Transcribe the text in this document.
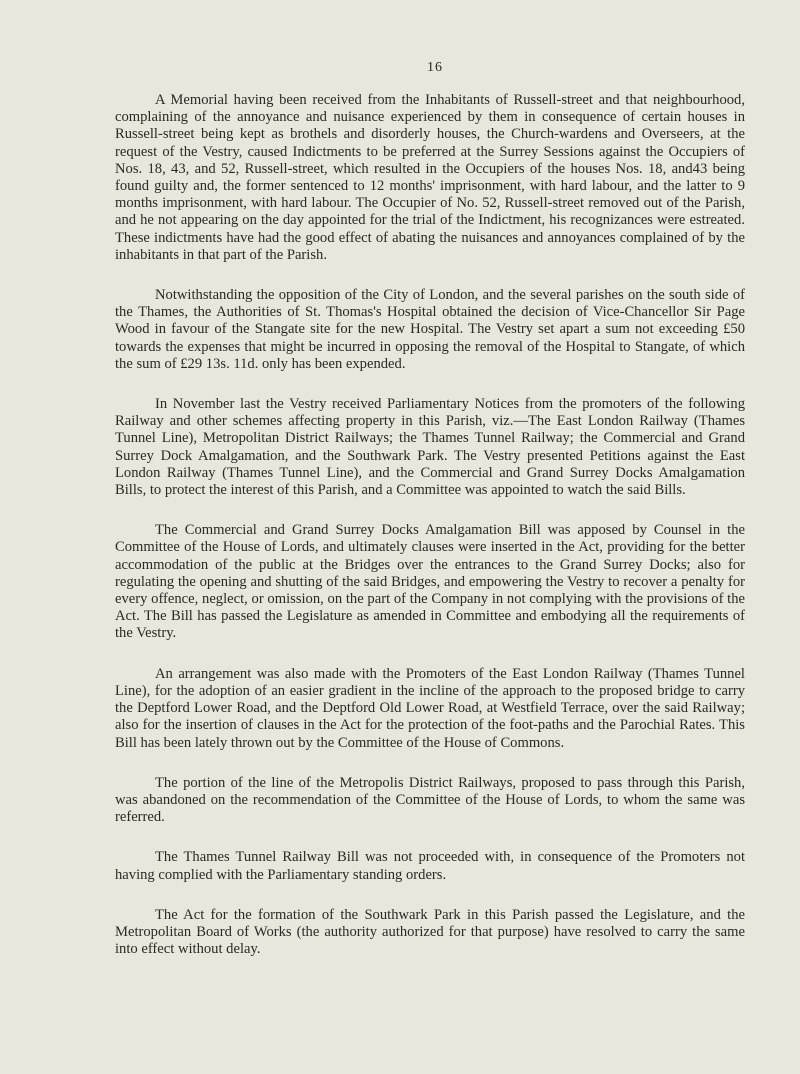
16

A Memorial having been received from the Inhabitants of Russell-street and that neighbourhood, complaining of the annoyance and nuisance experienced by them in consequence of certain houses in Russell-street being kept as brothels and disorderly houses, the Church-wardens and Overseers, at the request of the Vestry, caused Indictments to be preferred at the Surrey Sessions against the Occupiers of Nos. 18, 43, and 52, Russell-street, which resulted in the Occupiers of the houses Nos. 18, and43 being found guilty and, the former sentenced to 12 months' imprisonment, with hard labour, and the latter to 9 months imprisonment, with hard labour. The Occupier of No. 52, Russell-street removed out of the Parish, and he not appearing on the day appointed for the trial of the Indictment, his recognizances were estreated. These indictments have had the good effect of abating the nuisances and annoyances complained of by the inhabitants in that part of the Parish.

Notwithstanding the opposition of the City of London, and the several parishes on the south side of the Thames, the Authorities of St. Thomas's Hospital obtained the decision of Vice-Chancellor Sir Page Wood in favour of the Stangate site for the new Hospital. The Vestry set apart a sum not exceeding £50 towards the expenses that might be incurred in opposing the removal of the Hospital to Stangate, of which the sum of £29 13s. 11d. only has been expended.

In November last the Vestry received Parliamentary Notices from the promoters of the following Railway and other schemes affecting property in this Parish, viz.—The East London Railway (Thames Tunnel Line), Metropolitan District Railways; the Thames Tunnel Railway; the Commercial and Grand Surrey Dock Amalgamation, and the Southwark Park. The Vestry presented Petitions against the East London Railway (Thames Tunnel Line), and the Commercial and Grand Surrey Docks Amalgamation Bills, to protect the interest of this Parish, and a Committee was appointed to watch the said Bills.

The Commercial and Grand Surrey Docks Amalgamation Bill was apposed by Counsel in the Committee of the House of Lords, and ultimately clauses were inserted in the Act, providing for the better accommodation of the public at the Bridges over the entrances to the Grand Surrey Docks; also for regulating the opening and shutting of the said Bridges, and empowering the Vestry to recover a penalty for every offence, neglect, or omission, on the part of the Company in not complying with the provisions of the Act. The Bill has passed the Legislature as amended in Committee and embodying all the requirements of the Vestry.

An arrangement was also made with the Promoters of the East London Railway (Thames Tunnel Line), for the adoption of an easier gradient in the incline of the approach to the proposed bridge to carry the Deptford Lower Road, and the Deptford Old Lower Road, at Westfield Terrace, over the said Railway; also for the insertion of clauses in the Act for the protection of the foot-paths and the Parochial Rates. This Bill has been lately thrown out by the Committee of the House of Commons.

The portion of the line of the Metropolis District Railways, proposed to pass through this Parish, was abandoned on the recommendation of the Committee of the House of Lords, to whom the same was referred.

The Thames Tunnel Railway Bill was not proceeded with, in consequence of the Promoters not having complied with the Parliamentary standing orders.

The Act for the formation of the Southwark Park in this Parish passed the Legislature, and the Metropolitan Board of Works (the authority authorized for that purpose) have resolved to carry the same into effect without delay.
